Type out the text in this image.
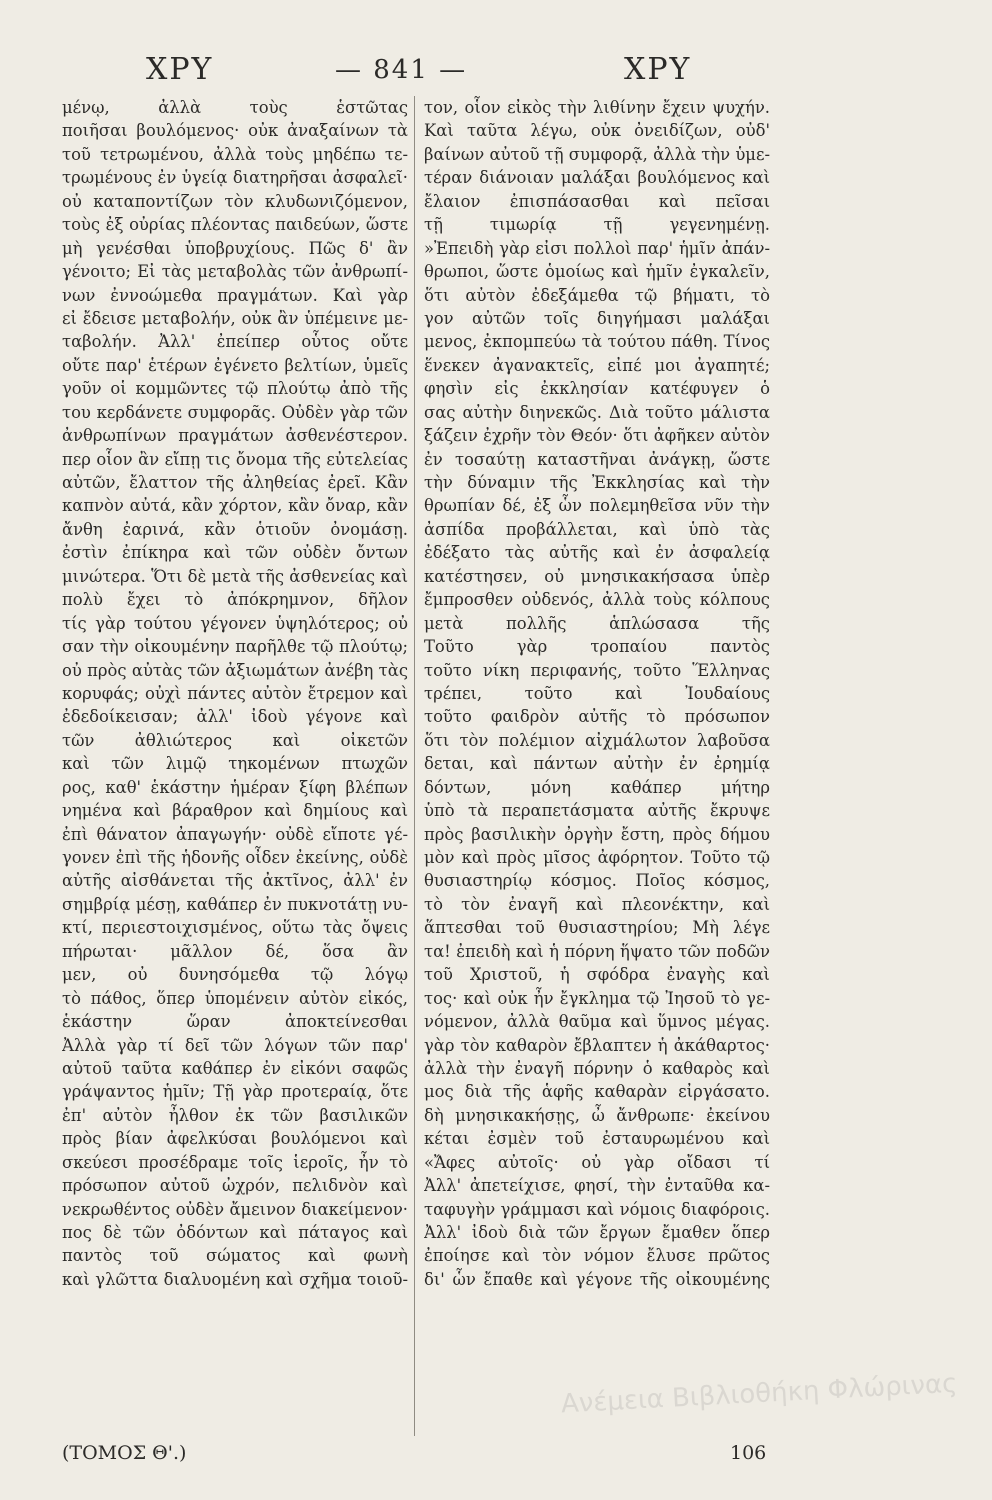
ΧΡΥ	— 841 —	ΧΡΥ
μένῳ, ἀλλὰ τοὺς ἑστῶτας
ποιῆσαι βουλόμενος· οὐκ ἀναξαίνων τὰ
τοῦ τετρωμένου, ἀλλὰ τοὺς μηδέπω τε-
τρωμένους ἐν ὑγείᾳ διατηρῆσαι ἀσφαλεῖ·
οὐ καταποντίζων τὸν κλυδωνιζόμενον,
τοὺς ἐξ οὐρίας πλέοντας παιδεύων, ὥστε
μὴ γενέσθαι ὑποβρυχίους. Πῶς δ' ἂν
γένοιτο; Εἰ τὰς μεταβολὰς τῶν ἀνθρωπί-
νων ἐννοώμεθα πραγμάτων. Καὶ γὰρ
εἰ ἔδεισε μεταβολήν, οὐκ ἂν ὑπέμεινε με-
ταβολήν. Ἀλλ' ἐπείπερ οὗτος οὔτε
οὔτε παρ' ἑτέρων ἐγένετο βελτίων, ὑμεῖς
γοῦν οἱ κομμῶντες τῷ πλούτῳ ἀπὸ τῆς
του κερδάνετε συμφορᾶς. Οὐδὲν γὰρ τῶν
ἀνθρωπίνων πραγμάτων ἀσθενέστερον.
περ οἷον ἂν εἴπῃ τις ὄνομα τῆς εὐτελείας
αὐτῶν, ἔλαττον τῆς ἀληθείας ἐρεῖ. Κἂν
καπνὸν αὐτά, κἂν χόρτον, κἂν ὄναρ, κἂν
ἄνθη ἐαρινά, κἂν ὁτιοῦν ὀνομάσῃ.
ἐστὶν ἐπίκηρα καὶ τῶν οὐδὲν ὄντων
μινώτερα. Ὅτι δὲ μετὰ τῆς ἀσθενείας καὶ
πολὺ ἔχει τὸ ἀπόκρημνον, δῆλον
τίς γὰρ τούτου γέγονεν ὑψηλότερος; οὐ
σαν τὴν οἰκουμένην παρῆλθε τῷ πλούτῳ;
οὐ πρὸς αὐτὰς τῶν ἀξιωμάτων ἀνέβη τὰς
κορυφάς; οὐχὶ πάντες αὐτὸν ἔτρεμον καὶ
ἐδεδοίκεισαν; ἀλλ' ἰδοὺ γέγονε καὶ
τῶν ἀθλιώτερος καὶ οἰκετῶν
καὶ τῶν λιμῷ τηκομένων πτωχῶν
ρος, καθ' ἑκάστην ἡμέραν ξίφη βλέπων
νημένα καὶ βάραθρον καὶ δημίους καὶ
ἐπὶ θάνατον ἀπαγωγήν· οὐδὲ εἴποτε γέ-
γονεν ἐπὶ τῆς ἡδονῆς οἶδεν ἐκείνης, οὐδὲ
αὐτῆς αἰσθάνεται τῆς ἀκτῖνος, ἀλλ' ἐν
σημβρίᾳ μέσῃ, καθάπερ ἐν πυκνοτάτῃ νυ-
κτί, περιεστοιχισμένος, οὕτω τὰς ὄψεις
πήρωται· μᾶλλον δέ, ὅσα ἂν
μεν, οὐ δυνησόμεθα τῷ λόγῳ
τὸ πάθος, ὅπερ ὑπομένειν αὐτὸν εἰκός,
ἑκάστην ὥραν ἀποκτείνεσθαι
Ἀλλὰ γὰρ τί δεῖ τῶν λόγων τῶν παρ'
αὐτοῦ ταῦτα καθάπερ ἐν εἰκόνι σαφῶς
γράψαντος ἡμῖν; Τῇ γὰρ προτεραίᾳ, ὅτε
ἐπ' αὐτὸν ἦλθον ἐκ τῶν βασιλικῶν
πρὸς βίαν ἀφελκύσαι βουλόμενοι καὶ
σκεύεσι προσέδραμε τοῖς ἱεροῖς, ἦν τὸ
πρόσωπον αὐτοῦ ὠχρόν, πελιδνὸν καὶ
νεκρωθέντος οὐδὲν ἄμεινον διακείμενον·
πος δὲ τῶν ὀδόντων καὶ πάταγος καὶ
παντὸς τοῦ σώματος καὶ φωνὴ
καὶ γλῶττα διαλυομένη καὶ σχῆμα τοιοῦ-
τον, οἷον εἰκὸς τὴν λιθίνην ἔχειν ψυχήν.
Καὶ ταῦτα λέγω, οὐκ ὀνειδίζων, οὐδ'
βαίνων αὐτοῦ τῇ συμφορᾷ, ἀλλὰ τὴν ὑμε-
τέραν διάνοιαν μαλάξαι βουλόμενος καὶ
ἔλαιον ἐπισπάσασθαι καὶ πεῖσαι
τῇ τιμωρίᾳ τῇ γεγενημένῃ.
»Ἐπειδὴ γὰρ εἰσι πολλοὶ παρ' ἡμῖν ἀπάν-
θρωποι, ὥστε ὁμοίως καὶ ἡμῖν ἐγκαλεῖν,
ὅτι αὐτὸν ἐδεξάμεθα τῷ βήματι, τὸ
γον αὐτῶν τοῖς διηγήμασι μαλάξαι
μενος, ἐκπομπεύω τὰ τούτου πάθη. Τίνος
ἕνεκεν ἀγανακτεῖς, εἰπέ μοι ἀγαπητέ;
φησὶν εἰς ἐκκλησίαν κατέφυγεν ὁ
σας αὐτὴν διηνεκῶς. Διὰ τοῦτο μάλιστα
ξάζειν ἐχρῆν τὸν Θεόν· ὅτι ἀφῆκεν αὐτὸν
ἐν τοσαύτῃ καταστῆναι ἀνάγκῃ, ὥστε
τὴν δύναμιν τῆς Ἐκκλησίας καὶ τὴν
θρωπίαν δέ, ἐξ ὧν πολεμηθεῖσα νῦν τὴν
ἀσπίδα προβάλλεται, καὶ ὑπὸ τὰς
ἐδέξατο τὰς αὐτῆς καὶ ἐν ἀσφαλείᾳ
κατέστησεν, οὐ μνησικακήσασα ὑπὲρ
ἔμπροσθεν οὐδενός, ἀλλὰ τοὺς κόλπους
μετὰ πολλῆς ἁπλώσασα τῆς
Τοῦτο γὰρ τροπαίου παντὸς
τοῦτο νίκη περιφανής, τοῦτο Ἕλληνας
τρέπει, τοῦτο καὶ Ἰουδαίους
τοῦτο φαιδρὸν αὐτῆς τὸ πρόσωπον
ὅτι τὸν πολέμιον αἰχμάλωτον λαβοῦσα
δεται, καὶ πάντων αὐτὴν ἐν ἐρημίᾳ
δόντων, μόνη καθάπερ μήτηρ
ὑπὸ τὰ περαπετάσματα αὐτῆς ἔκρυψε
πρὸς βασιλικὴν ὀργὴν ἔστη, πρὸς δήμου
μὸν καὶ πρὸς μῖσος ἀφόρητον. Τοῦτο τῷ
θυσιαστηρίῳ κόσμος. Ποῖος κόσμος,
τὸ τὸν ἐναγῆ καὶ πλεονέκτην, καὶ
ἅπτεσθαι τοῦ θυσιαστηρίου; Μὴ λέγε
τα! ἐπειδὴ καὶ ἡ πόρνη ἥψατο τῶν ποδῶν
τοῦ Χριστοῦ, ἡ σφόδρα ἐναγὴς καὶ
τος· καὶ οὐκ ἦν ἔγκλημα τῷ Ἰησοῦ τὸ γε-
νόμενον, ἀλλὰ θαῦμα καὶ ὕμνος μέγας.
γὰρ τὸν καθαρὸν ἔβλαπτεν ἡ ἀκάθαρτος·
ἀλλὰ τὴν ἐναγῆ πόρνην ὁ καθαρὸς καὶ
μος διὰ τῆς ἁφῆς καθαρὰν εἰργάσατο.
δὴ μνησικακήσῃς, ὦ ἄνθρωπε· ἐκείνου
κέται ἐσμὲν τοῦ ἐσταυρωμένου καὶ
«Ἄφες αὐτοῖς· οὐ γὰρ οἴδασι τί
Ἀλλ' ἀπετείχισε, φησί, τὴν ἐνταῦθα κα-
ταφυγὴν γράμμασι καὶ νόμοις διαφόροις.
Ἀλλ' ἰδοὺ διὰ τῶν ἔργων ἔμαθεν ὅπερ
ἐποίησε καὶ τὸν νόμον ἔλυσε πρῶτος
δι' ὧν ἔπαθε καὶ γέγονε τῆς οἰκουμένης
Ανέμεια Βιβλιοθήκη Φλώρινας
(ΤΟΜΟΣ Θ'.)	106
